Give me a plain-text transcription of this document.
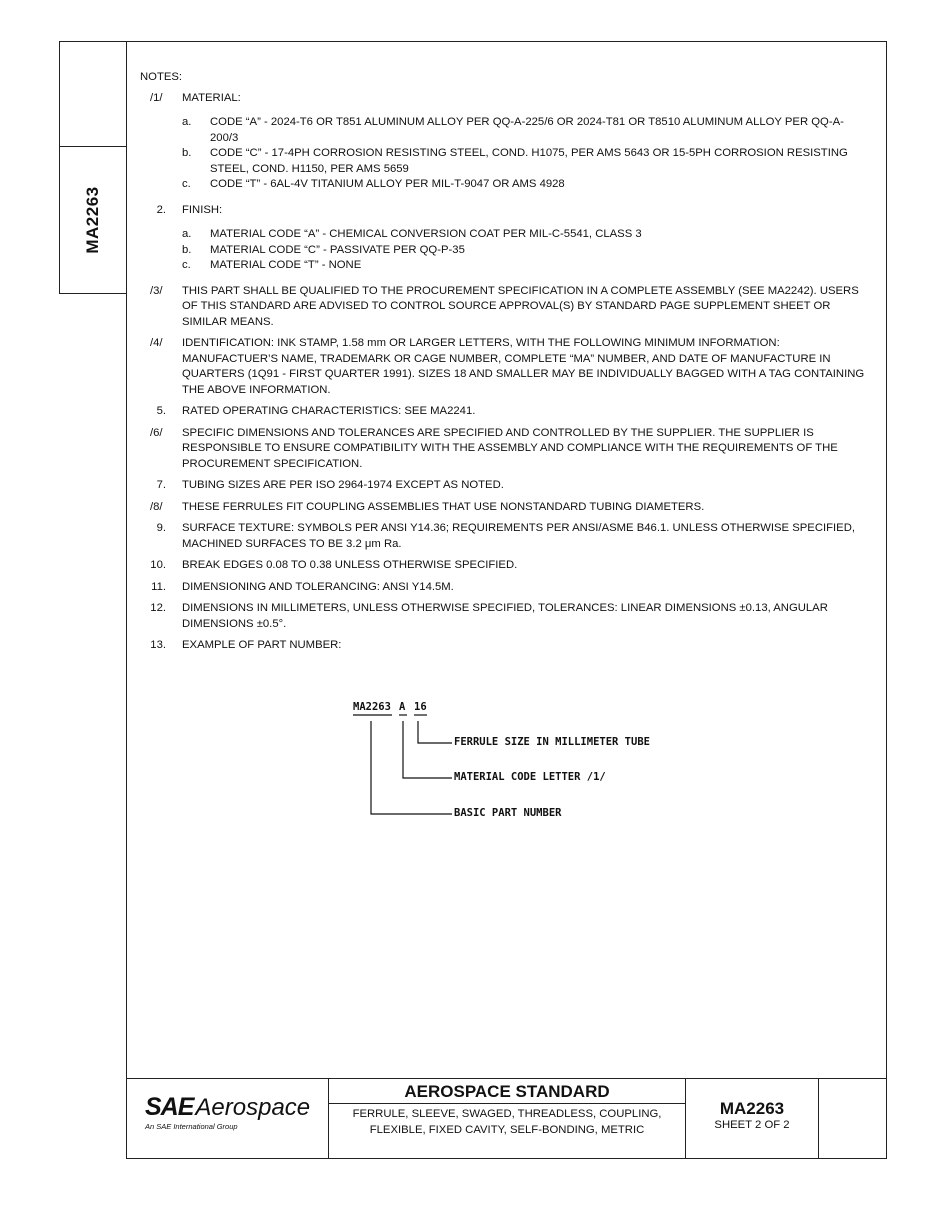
MA2263
NOTES:
/1/	MATERIAL:
a.	CODE “A” - 2024-T6 OR T851 ALUMINUM ALLOY PER QQ-A-225/6 OR 2024-T81 OR T8510 ALUMINUM ALLOY PER QQ-A-200/3
b.	CODE “C” - 17-4PH CORROSION RESISTING STEEL, COND. H1075, PER AMS 5643 OR 15-5PH CORROSION RESISTING STEEL, COND. H1150, PER AMS 5659
c.	CODE “T” - 6AL-4V TITANIUM ALLOY PER MIL-T-9047 OR AMS 4928
2.	FINISH:
a.	MATERIAL CODE “A” - CHEMICAL CONVERSION COAT PER MIL-C-5541, CLASS 3
b.	MATERIAL CODE “C” - PASSIVATE PER QQ-P-35
c.	MATERIAL CODE “T” - NONE
/3/	THIS PART SHALL BE QUALIFIED TO THE PROCUREMENT SPECIFICATION IN A COMPLETE ASSEMBLY (SEE MA2242). USERS OF THIS STANDARD ARE ADVISED TO CONTROL SOURCE APPROVAL(S) BY STANDARD PAGE SUPPLEMENT SHEET OR SIMILAR MEANS.
/4/	IDENTIFICATION: INK STAMP, 1.58 mm OR LARGER LETTERS, WITH THE FOLLOWING MINIMUM INFORMATION: MANUFACTUER’S NAME, TRADEMARK OR CAGE NUMBER, COMPLETE “MA” NUMBER, AND DATE OF MANUFACTURE IN QUARTERS (1Q91 - FIRST QUARTER 1991). SIZES 18 AND SMALLER MAY BE INDIVIDUALLY BAGGED WITH A TAG CONTAINING THE ABOVE INFORMATION.
5.	RATED OPERATING CHARACTERISTICS: SEE MA2241.
/6/	SPECIFIC DIMENSIONS AND TOLERANCES ARE SPECIFIED AND CONTROLLED BY THE SUPPLIER. THE SUPPLIER IS RESPONSIBLE TO ENSURE COMPATIBILITY WITH THE ASSEMBLY AND COMPLIANCE WITH THE REQUIREMENTS OF THE PROCUREMENT SPECIFICATION.
7.	TUBING SIZES ARE PER ISO 2964-1974 EXCEPT AS NOTED.
/8/	THESE FERRULES FIT COUPLING ASSEMBLIES THAT USE NONSTANDARD TUBING DIAMETERS.
9.	SURFACE TEXTURE: SYMBOLS PER ANSI Y14.36; REQUIREMENTS PER ANSI/ASME B46.1. UNLESS OTHERWISE SPECIFIED, MACHINED SURFACES TO BE 3.2 μm Ra.
10.	BREAK EDGES 0.08 TO 0.38 UNLESS OTHERWISE SPECIFIED.
11.	DIMENSIONING AND TOLERANCING: ANSI Y14.5M.
12.	DIMENSIONS IN MILLIMETERS, UNLESS OTHERWISE SPECIFIED, TOLERANCES: LINEAR DIMENSIONS ±0.13, ANGULAR DIMENSIONS ±0.5°.
13.	EXAMPLE OF PART NUMBER:
MA2263 A 16
FERRULE SIZE IN MILLIMETER TUBE
MATERIAL CODE LETTER /1/
BASIC PART NUMBER
SAEAerospace
An SAE International Group
AEROSPACE STANDARD
FERRULE, SLEEVE, SWAGED, THREADLESS, COUPLING, FLEXIBLE, FIXED CAVITY, SELF-BONDING, METRIC
MA2263
SHEET 2 OF 2
